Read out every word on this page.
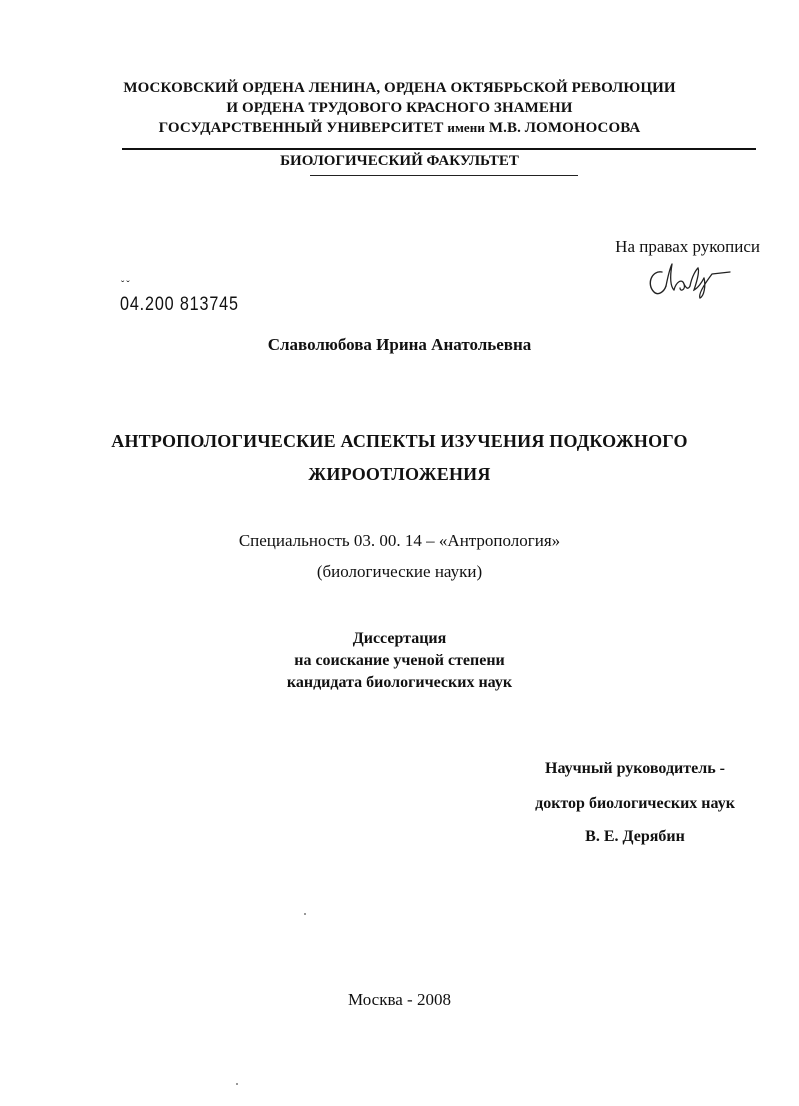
МОСКОВСКИЙ ОРДЕНА ЛЕНИНА, ОРДЕНА ОКТЯБРЬСКОЙ РЕВОЛЮЦИИ
И ОРДЕНА ТРУДОВОГО КРАСНОГО ЗНАМЕНИ
ГОСУДАРСТВЕННЫЙ УНИВЕРСИТЕТ имени М.В. ЛОМОНОСОВА
БИОЛОГИЧЕСКИЙ ФАКУЛЬТЕТ
На правах рукописи
ˇˇ
04.200 813745
Славолюбова Ирина Анатольевна
АНТРОПОЛОГИЧЕСКИЕ АСПЕКТЫ ИЗУЧЕНИЯ ПОДКОЖНОГО
ЖИРООТЛОЖЕНИЯ
Специальность 03. 00. 14 – «Антропология»
(биологические науки)
Диссертация
на соискание ученой степени
кандидата биологических наук
Научный руководитель -
доктор биологических наук
В. Е. Дерябин
Москва - 2008
